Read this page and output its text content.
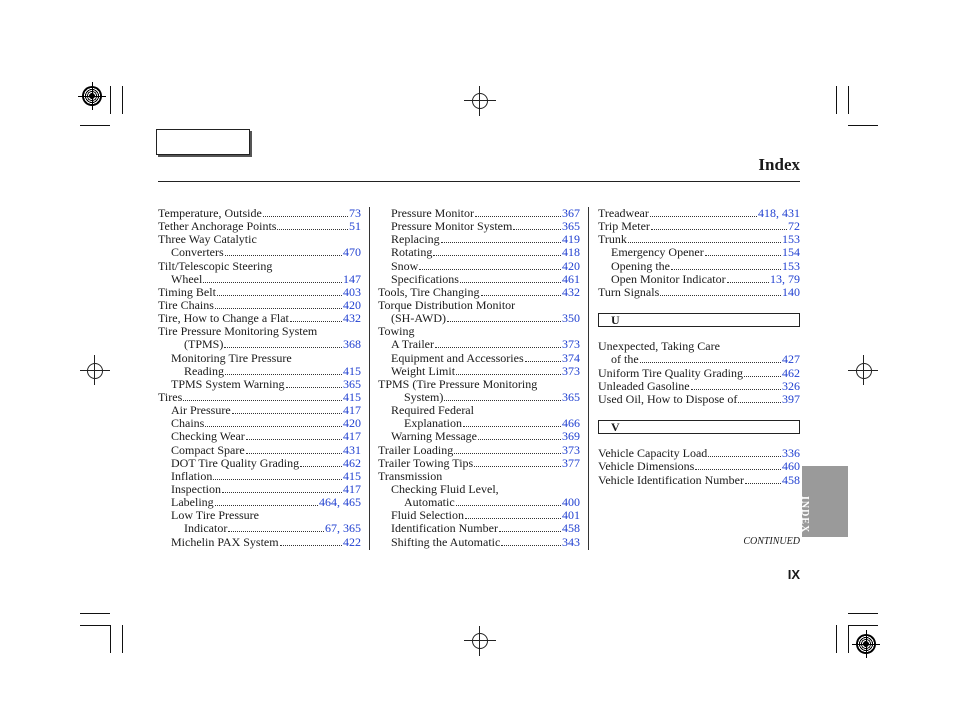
Index
Temperature, Outside	73
Tether Anchorage Points	51
Three Way Catalytic
Converters	470
Tilt/Telescopic Steering
Wheel	147
Timing Belt	403
Tire Chains	420
Tire, How to Change a Flat	432
Tire Pressure Monitoring System
(TPMS)	368
Monitoring Tire Pressure
Reading	415
TPMS System Warning	365
Tires	415
Air Pressure	417
Chains	420
Checking Wear	417
Compact Spare	431
DOT Tire Quality Grading	462
Inflation	415
Inspection	417
Labeling	464, 465
Low Tire Pressure
Indicator	67, 365
Michelin PAX System	422
Pressure Monitor	367
Pressure Monitor System	365
Replacing	419
Rotating	418
Snow	420
Specifications	461
Tools, Tire Changing	432
Torque Distribution Monitor
(SH-AWD)	350
Towing
A Trailer	373
Equipment and Accessories	374
Weight Limit	373
TPMS (Tire Pressure Monitoring
System)	365
Required Federal
Explanation	466
Warning Message	369
Trailer Loading	373
Trailer Towing Tips	377
Transmission
Checking Fluid Level,
Automatic	400
Fluid Selection	401
Identification Number	458
Shifting the Automatic	343
Treadwear	418, 431
Trip Meter	72
Trunk	153
Emergency Opener	154
Opening the	153
Open Monitor Indicator	13, 79
Turn Signals	140
U
Unexpected, Taking Care
of the	427
Uniform Tire Quality Grading	462
Unleaded Gasoline	326
Used Oil, How to Dispose of	397
V
Vehicle Capacity Load	336
Vehicle Dimensions	460
Vehicle Identification Number	458
CONTINUED
IX
INDEX
